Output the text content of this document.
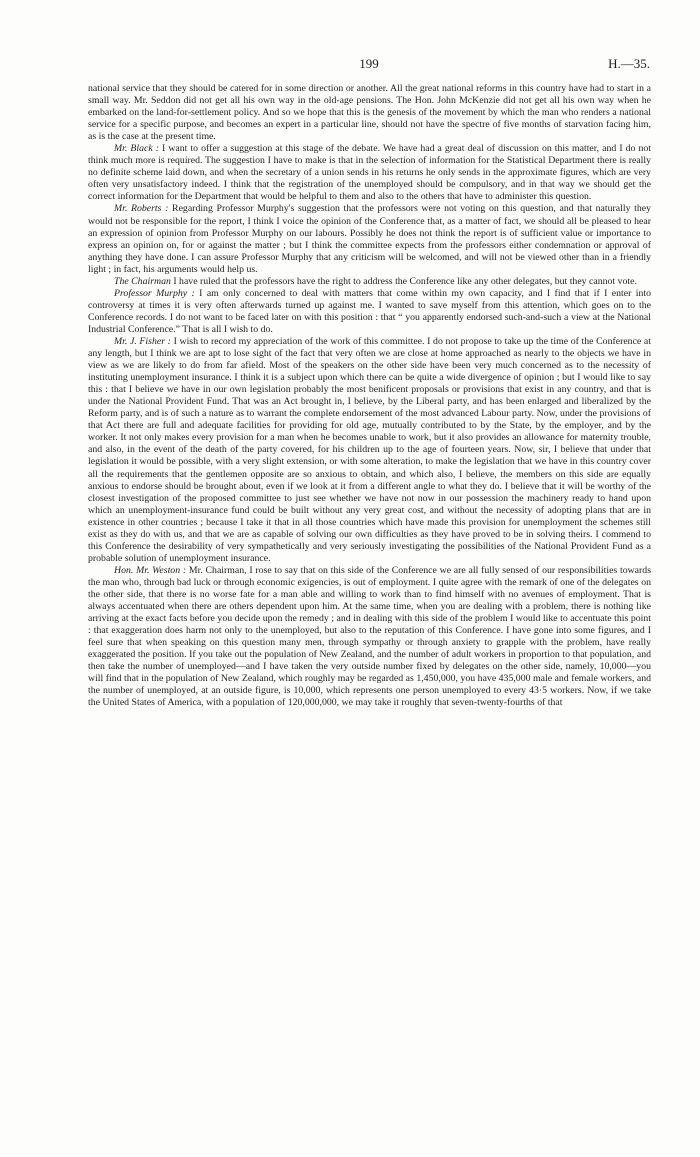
199	H.—35.

national service that they should be catered for in some direction or another. All the great national reforms in this country have had to start in a small way. Mr. Seddon did not get all his own way in the old-age pensions. The Hon. John McKenzie did not get all his own way when he embarked on the land-for-settlement policy. And so we hope that this is the genesis of the movement by which the man who renders a national service for a specific purpose, and becomes an expert in a particular line, should not have the spectre of five months of starvation facing him, as is the case at the present time.

Mr. Black : I want to offer a suggestion at this stage of the debate. We have had a great deal of discussion on this matter, and I do not think much more is required. The suggestion I have to make is that in the selection of information for the Statistical Department there is really no definite scheme laid down, and when the secretary of a union sends in his returns he only sends in the approximate figures, which are very often very unsatisfactory indeed. I think that the registration of the unemployed should be compulsory, and in that way we should get the correct information for the Department that would be helpful to them and also to the others that have to administer this question.

Mr. Roberts : Regarding Professor Murphy's suggestion that the professors were not voting on this question, and that naturally they would not be responsible for the report, I think I voice the opinion of the Conference that, as a matter of fact, we should all be pleased to hear an expression of opinion from Professor Murphy on our labours. Possibly he does not think the report is of sufficient value or importance to express an opinion on, for or against the matter ; but I think the committee expects from the professors either condemnation or approval of anything they have done. I can assure Professor Murphy that any criticism will be welcomed, and will not be viewed other than in a friendly light ; in fact, his arguments would help us.

The Chairman I have ruled that the professors have the right to address the Conference like any other delegates, but they cannot vote.

Professor Murphy : I am only concerned to deal with matters that come within my own capacity, and I find that if I enter into controversy at times it is very often afterwards turned up against me. I wanted to save myself from this attention, which goes on to the Conference records. I do not want to be faced later on with this position : that “ you apparently endorsed such-and-such a view at the National Industrial Conference.” That is all I wish to do.

Mr. J. Fisher : I wish to record my appreciation of the work of this committee. I do not propose to take up the time of the Conference at any length, but I think we are apt to lose sight of the fact that very often we are close at home approached as nearly to the objects we have in view as we are likely to do from far afield. Most of the speakers on the other side have been very much concerned as to the necessity of instituting unemployment insurance. I think it is a subject upon which there can be quite a wide divergence of opinion ; but I would like to say this : that I believe we have in our own legislation probably the most benificent proposals or provisions that exist in any country, and that is under the National Provident Fund. That was an Act brought in, I believe, by the Liberal party, and has been enlarged and liberalized by the Reform party, and is of such a nature as to warrant the complete endorsement of the most advanced Labour party. Now, under the provisions of that Act there are full and adequate facilities for providing for old age, mutually contributed to by the State, by the employer, and by the worker. It not only makes every provision for a man when he becomes unable to work, but it also provides an allowance for maternity trouble, and also, in the event of the death of the party covered, for his children up to the age of fourteen years. Now, sir, I believe that under that legislation it would be possible, with a very slight extension, or with some alteration, to make the legislation that we have in this country cover all the requirements that the gentlemen opposite are so anxious to obtain, and which also, I believe, the members on this side are equally anxious to endorse should be brought about, even if we look at it from a different angle to what they do. I believe that it will be worthy of the closest investigation of the proposed committee to just see whether we have not now in our possession the machinery ready to hand upon which an unemployment-insurance fund could be built without any very great cost, and without the necessity of adopting plans that are in existence in other countries ; because I take it that in all those countries which have made this provision for unemployment the schemes still exist as they do with us, and that we are as capable of solving our own difficulties as they have proved to be in solving theirs. I commend to this Conference the desirability of very sympathetically and very seriously investigating the possibilities of the National Provident Fund as a probable solution of unemployment insurance.

Hon. Mr. Weston : Mr. Chairman, I rose to say that on this side of the Conference we are all fully sensed of our responsibilities towards the man who, through bad luck or through economic exigencies, is out of employment. I quite agree with the remark of one of the delegates on the other side, that there is no worse fate for a man able and willing to work than to find himself with no avenues of employment. That is always accentuated when there are others dependent upon him. At the same time, when you are dealing with a problem, there is nothing like arriving at the exact facts before you decide upon the remedy ; and in dealing with this side of the problem I would like to accentuate this point : that exaggeration does harm not only to the unemployed, but also to the reputation of this Conference. I have gone into some figures, and I feel sure that when speaking on this question many men, through sympathy or through anxiety to grapple with the problem, have really exaggerated the position. If you take out the population of New Zealand, and the number of adult workers in proportion to that population, and then take the number of unemployed—and I have taken the very outside number fixed by delegates on the other side, namely, 10,000—you will find that in the population of New Zealand, which roughly may be regarded as 1,450,000, you have 435,000 male and female workers, and the number of unemployed, at an outside figure, is 10,000, which represents one person unemployed to every 43·5 workers. Now, if we take the United States of America, with a population of 120,000,000, we may take it roughly that seven-twenty-fourths of that
